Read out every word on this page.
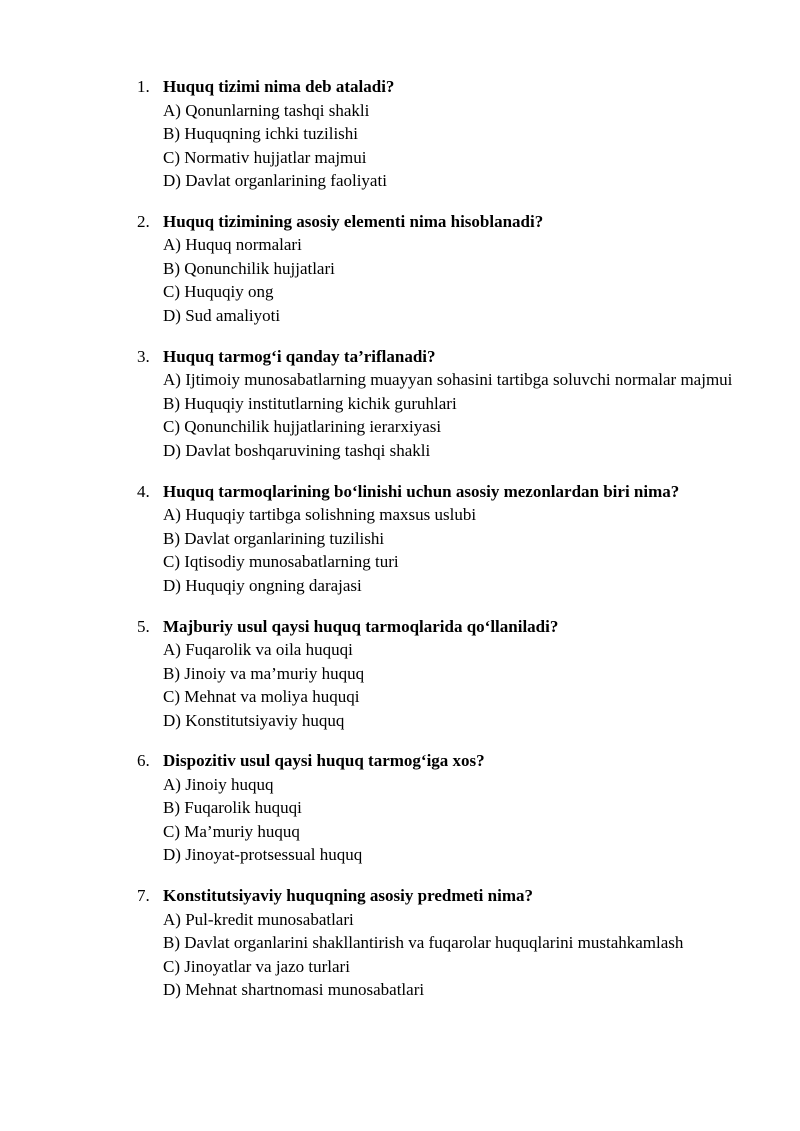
1. Huquq tizimi nima deb ataladi?
A) Qonunlarning tashqi shakli
B) Huquqning ichki tuzilishi
C) Normativ hujjatlar majmui
D) Davlat organlarining faoliyati
2. Huquq tizimining asosiy elementi nima hisoblanadi?
A) Huquq normalari
B) Qonunchilik hujjatlari
C) Huquqiy ong
D) Sud amaliyoti
3. Huquq tarmog‘i qanday ta’riflanadi?
A) Ijtimoiy munosabatlarning muayyan sohasini tartibga soluvchi normalar majmui
B) Huquqiy institutlarning kichik guruhlari
C) Qonunchilik hujjatlarining ierarxiyasi
D) Davlat boshqaruvining tashqi shakli
4. Huquq tarmoqlarining bo‘linishi uchun asosiy mezonlardan biri nima?
A) Huquqiy tartibga solishning maxsus uslubi
B) Davlat organlarining tuzilishi
C) Iqtisodiy munosabatlarning turi
D) Huquqiy ongning darajasi
5. Majburiy usul qaysi huquq tarmoqlarida qo‘llaniladi?
A) Fuqarolik va oila huquqi
B) Jinoiy va ma’muriy huquq
C) Mehnat va moliya huquqi
D) Konstitutsiyaviy huquq
6. Dispozitiv usul qaysi huquq tarmog‘iga xos?
A) Jinoiy huquq
B) Fuqarolik huquqi
C) Ma’muriy huquq
D) Jinoyat-protsessual huquq
7. Konstitutsiyaviy huquqning asosiy predmeti nima?
A) Pul-kredit munosabatlari
B) Davlat organlarini shakllantirish va fuqarolar huquqlarini mustahkamlash
C) Jinoyatlar va jazo turlari
D) Mehnat shartnomasi munosabatlari
